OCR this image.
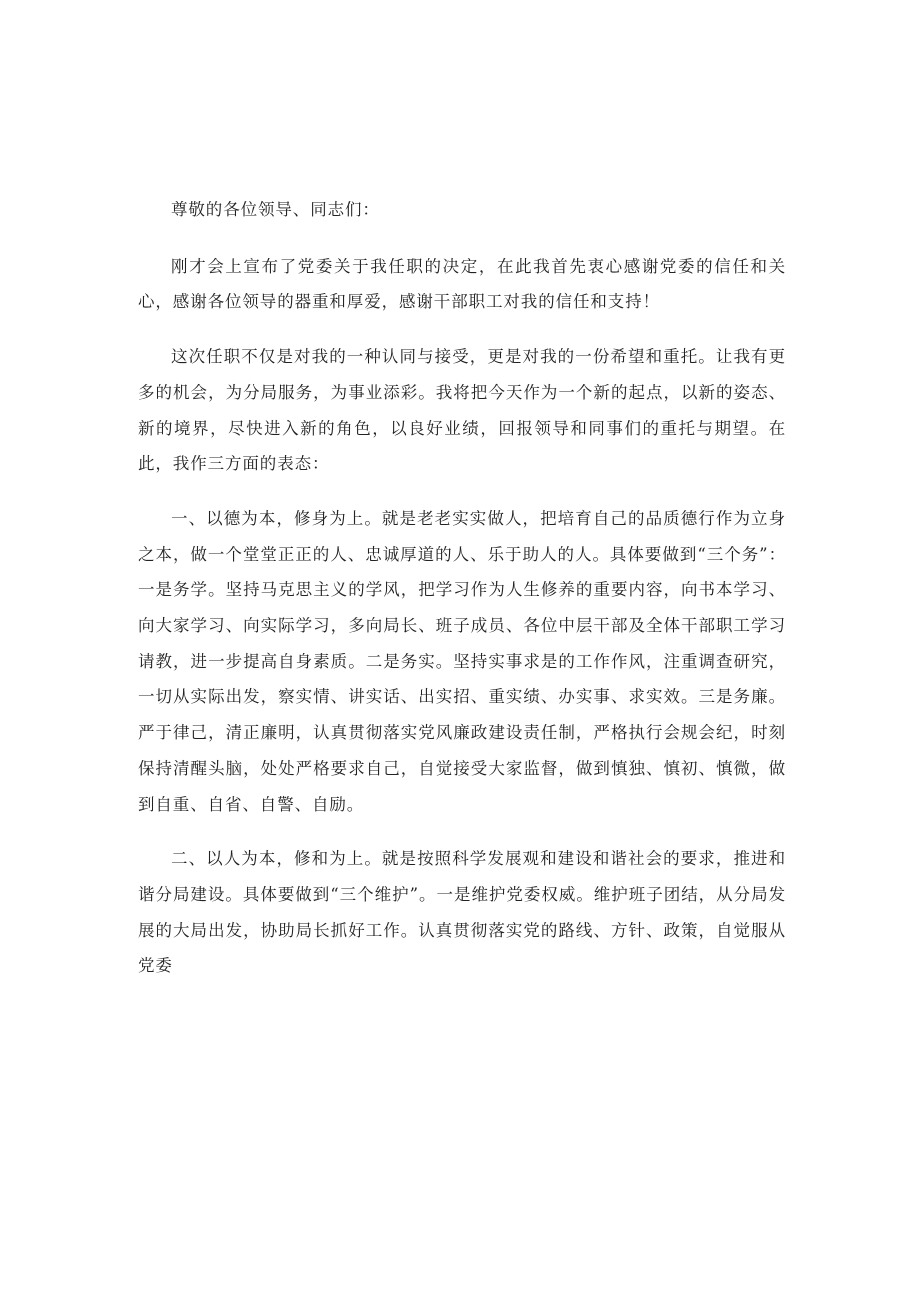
尊敬的各位领导、同志们：

刚才会上宣布了党委关于我任职的决定，在此我首先衷心感谢党委的信任和关心，感谢各位领导的器重和厚爱，感谢干部职工对我的信任和支持！

这次任职不仅是对我的一种认同与接受，更是对我的一份希望和重托。让我有更多的机会，为分局服务，为事业添彩。我将把今天作为一个新的起点，以新的姿态、新的境界，尽快进入新的角色，以良好业绩，回报领导和同事们的重托与期望。在此，我作三方面的表态：

一、以德为本，修身为上。就是老老实实做人，把培育自己的品质德行作为立身之本，做一个堂堂正正的人、忠诚厚道的人、乐于助人的人。具体要做到“三个务”：一是务学。坚持马克思主义的学风，把学习作为人生修养的重要内容，向书本学习、向大家学习、向实际学习，多向局长、班子成员、各位中层干部及全体干部职工学习请教，进一步提高自身素质。二是务实。坚持实事求是的工作作风，注重调查研究，一切从实际出发，察实情、讲实话、出实招、重实绩、办实事、求实效。三是务廉。严于律己，清正廉明，认真贯彻落实党风廉政建设责任制，严格执行会规会纪，时刻保持清醒头脑，处处严格要求自己，自觉接受大家监督，做到慎独、慎初、慎微，做到自重、自省、自警、自励。

二、以人为本，修和为上。就是按照科学发展观和建设和谐社会的要求，推进和谐分局建设。具体要做到“三个维护”。一是维护党委权威。维护班子团结，从分局发展的大局出发，协助局长抓好工作。认真贯彻落实党的路线、方针、政策，自觉服从党委
